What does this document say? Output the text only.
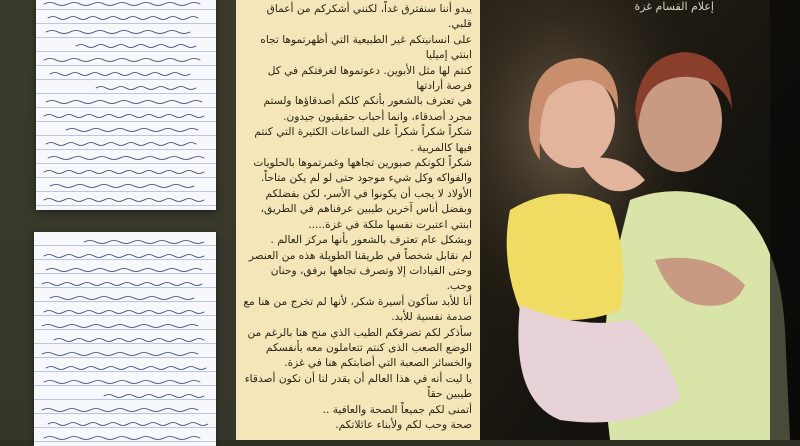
يبدو أننا سنفترق غداً، لكنني أشكركم من أعماق قلبي.

على انسانيتكم غير الطبيعية التي أظهرتموها تجاه ابنتي إميليا

كنتم لها مثل الأبوين. دعوتموها لغرفتكم في كل فرصة أرادتها

هي تعترف بالشعور بأنكم كلكم أصدقاؤها ولستم مجرد أصدقاء، وانما أحباب حقيقيون جيدون.

شكراً شكراً شكراً على الساعات الكثيرة التي كنتم فيها كالمربية .

شكراً لكونكم صبورين تجاهها وغمرتموها بالحلويات والفواكه وكل شيء موجود حتى لو لم يكن متاحاً.

الأولاد لا يجب أن يكونوا في الأسر، لكن بفضلكم وبفضل أناس آخرين طيبين عرفناهم في الطريق، ابنتي اعتبرت نفسها ملكة في غزة.....

وبشكل عام تعترف بالشعور بأنها مركز العالم .

لم نقابل شخصاً في طريقنا الطويلة هذه من العنصر وحتى القيادات إلا وتصرف تجاهها برفق، وحنان وحب.

أنا للأبد سأكون أسيرة شكر، لأنها لم تخرج من هنا مع صدمة نفسية للأبد.

سأذكر لكم تصرفكم الطيب الذي منح هنا بالرغم من الوضع الصعب الذى كنتم تتعاملون معه بأنفسكم والخسائر الصعبة التي أصابتكم هنا في غزة.

يا ليت أنه في هذا العالم أن يقدر لنا أن نكون أصدقاء طيبين حقاً

أتمنى لكم جميعاً الصحة والعافية ..

صحة وحب لكم ولأبناء عائلاتكم.

ﺇﻋﻼﻡ ﺍﻟﻘﺴﺎﻡ ﻏﺰﺓ
